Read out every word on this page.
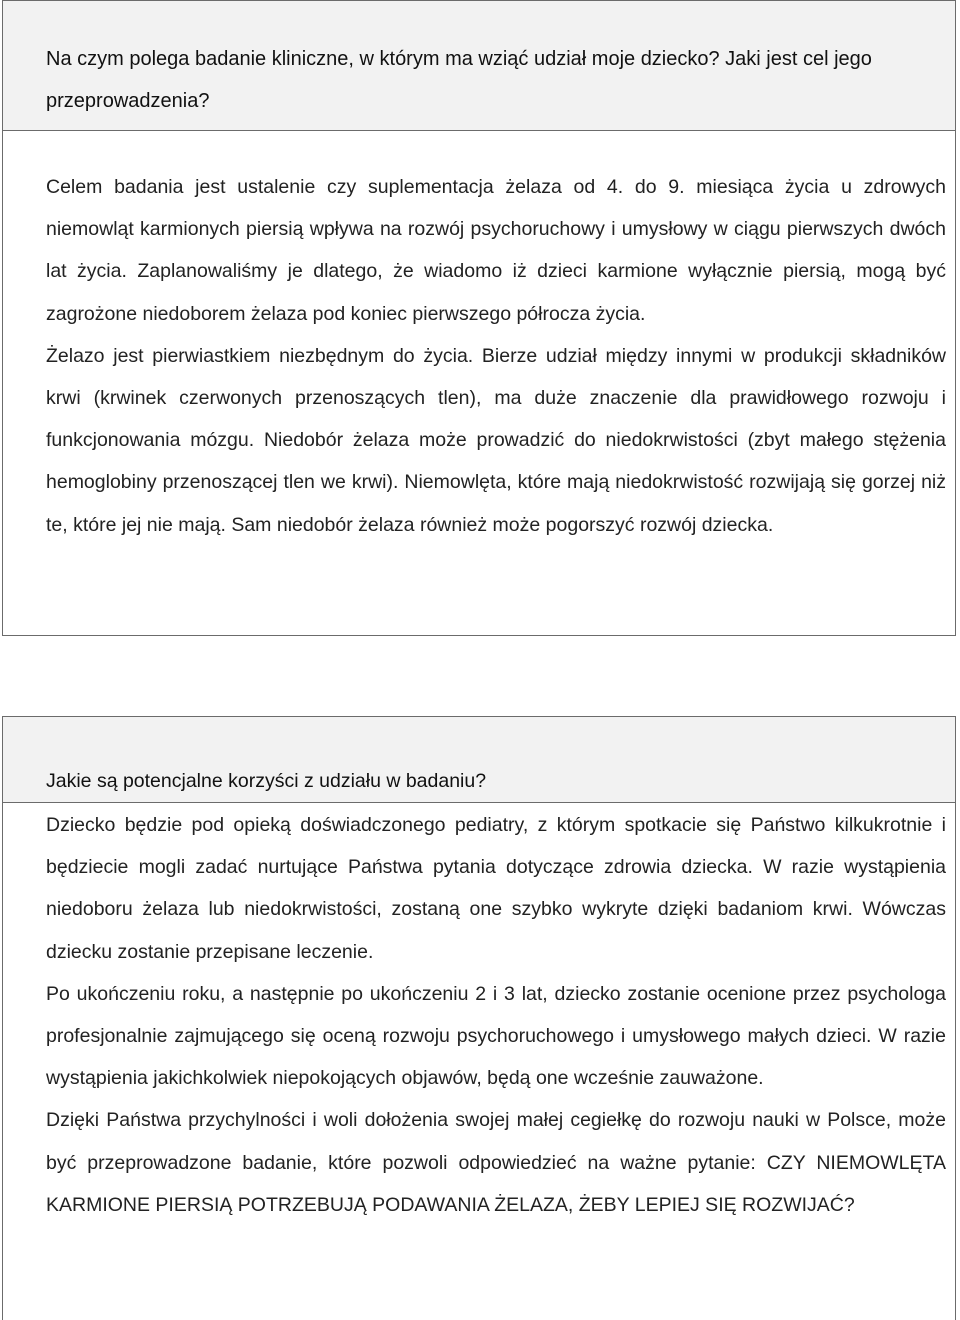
Na czym polega badanie kliniczne, w którym ma wziąć udział moje dziecko? Jaki jest cel jego przeprowadzenia?

Celem badania jest ustalenie czy suplementacja żelaza od 4. do 9. miesiąca życia u zdrowych niemowląt karmionych piersią wpływa na rozwój psychoruchowy i umysłowy w ciągu pierwszych dwóch lat życia. Zaplanowaliśmy je dlatego, że wiadomo iż dzieci karmione wyłącznie piersią, mogą być zagrożone niedoborem żelaza pod koniec pierwszego półrocza życia.

Żelazo jest pierwiastkiem niezbędnym do życia. Bierze udział między innymi w produkcji składników krwi (krwinek czerwonych przenoszących tlen), ma duże znaczenie dla prawidłowego rozwoju i funkcjonowania mózgu. Niedobór żelaza może prowadzić do niedokrwistości (zbyt małego stężenia hemoglobiny przenoszącej tlen we krwi). Niemowlęta, które mają niedokrwistość rozwijają się gorzej niż te, które jej nie mają. Sam niedobór żelaza również może pogorszyć rozwój dziecka.

Jakie są potencjalne korzyści z udziału w badaniu?

Dziecko będzie pod opieką doświadczonego pediatry, z którym spotkacie się Państwo kilkukrotnie i będziecie mogli zadać nurtujące Państwa pytania dotyczące zdrowia dziecka. W razie wystąpienia niedoboru żelaza lub niedokrwistości, zostaną one szybko wykryte dzięki badaniom krwi. Wówczas dziecku zostanie przepisane leczenie.

Po ukończeniu roku, a następnie po ukończeniu 2 i 3 lat, dziecko zostanie ocenione przez psychologa profesjonalnie zajmującego się oceną rozwoju psychoruchowego i umysłowego małych dzieci. W razie wystąpienia jakichkolwiek niepokojących objawów, będą one wcześnie zauważone.

Dzięki Państwa przychylności i woli dołożenia swojej małej cegiełkę do rozwoju nauki w Polsce, może być przeprowadzone badanie, które pozwoli odpowiedzieć na ważne pytanie: CZY NIEMOWLĘTA KARMIONE PIERSIĄ POTRZEBUJĄ PODAWANIA ŻELAZA, ŻEBY LEPIEJ SIĘ ROZWIJAĆ?
